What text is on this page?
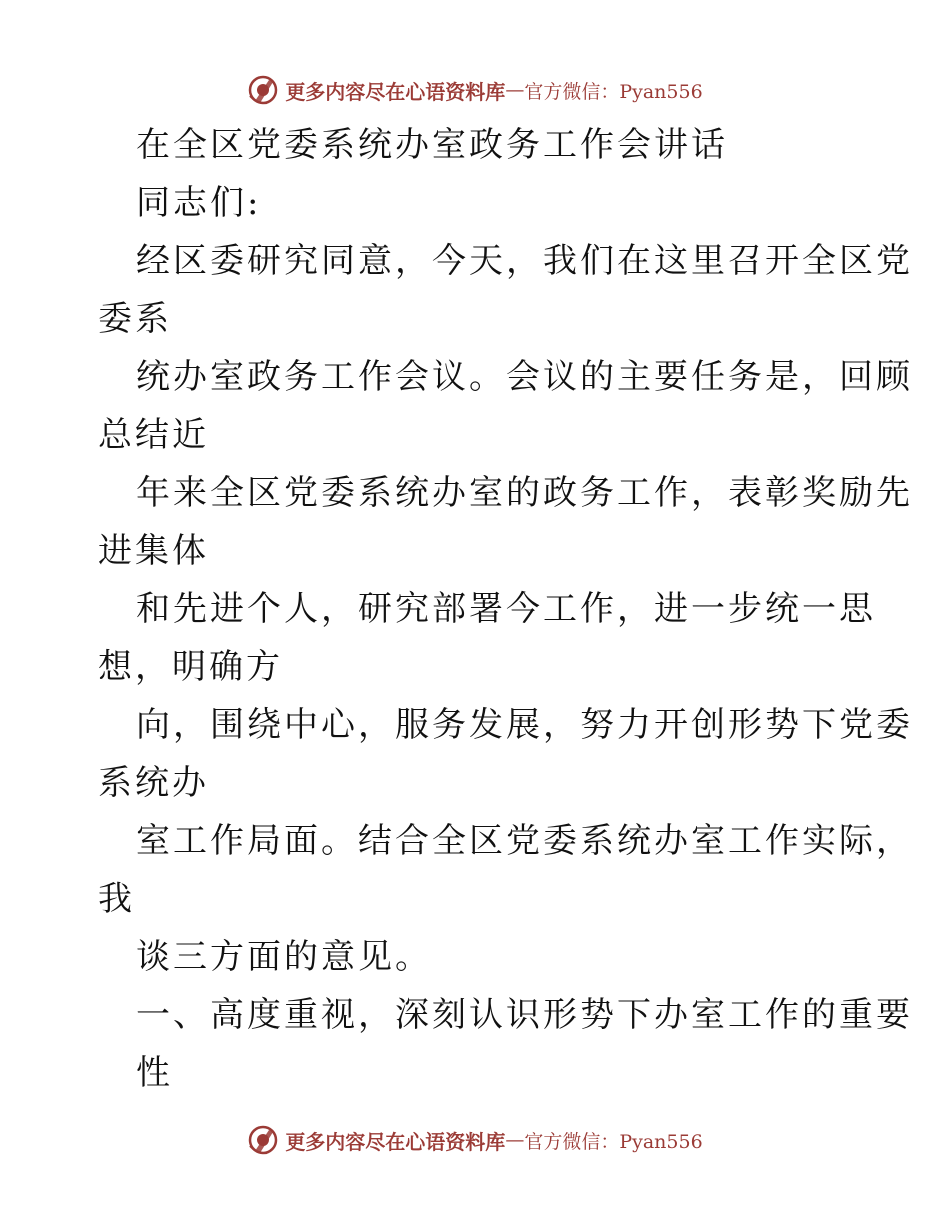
更多内容尽在心语资料库 — 官方微信：Pyan556
在全区党委系统办室政务工作会讲话
同志们:
经区委研究同意，今天，我们在这里召开全区党
委系
统办室政务工作会议。会议的主要任务是，回顾
总结近
年来全区党委系统办室的政务工作，表彰奖励先
进集体
和先进个人，研究部署今工作，进一步统一思
想，明确方
向，围绕中心，服务发展，努力开创形势下党委
系统办
室工作局面。结合全区党委系统办室工作实际，
我
谈三方面的意见。
一、高度重视，深刻认识形势下办室工作的重要
性
更多内容尽在心语资料库 — 官方微信：Pyan556
